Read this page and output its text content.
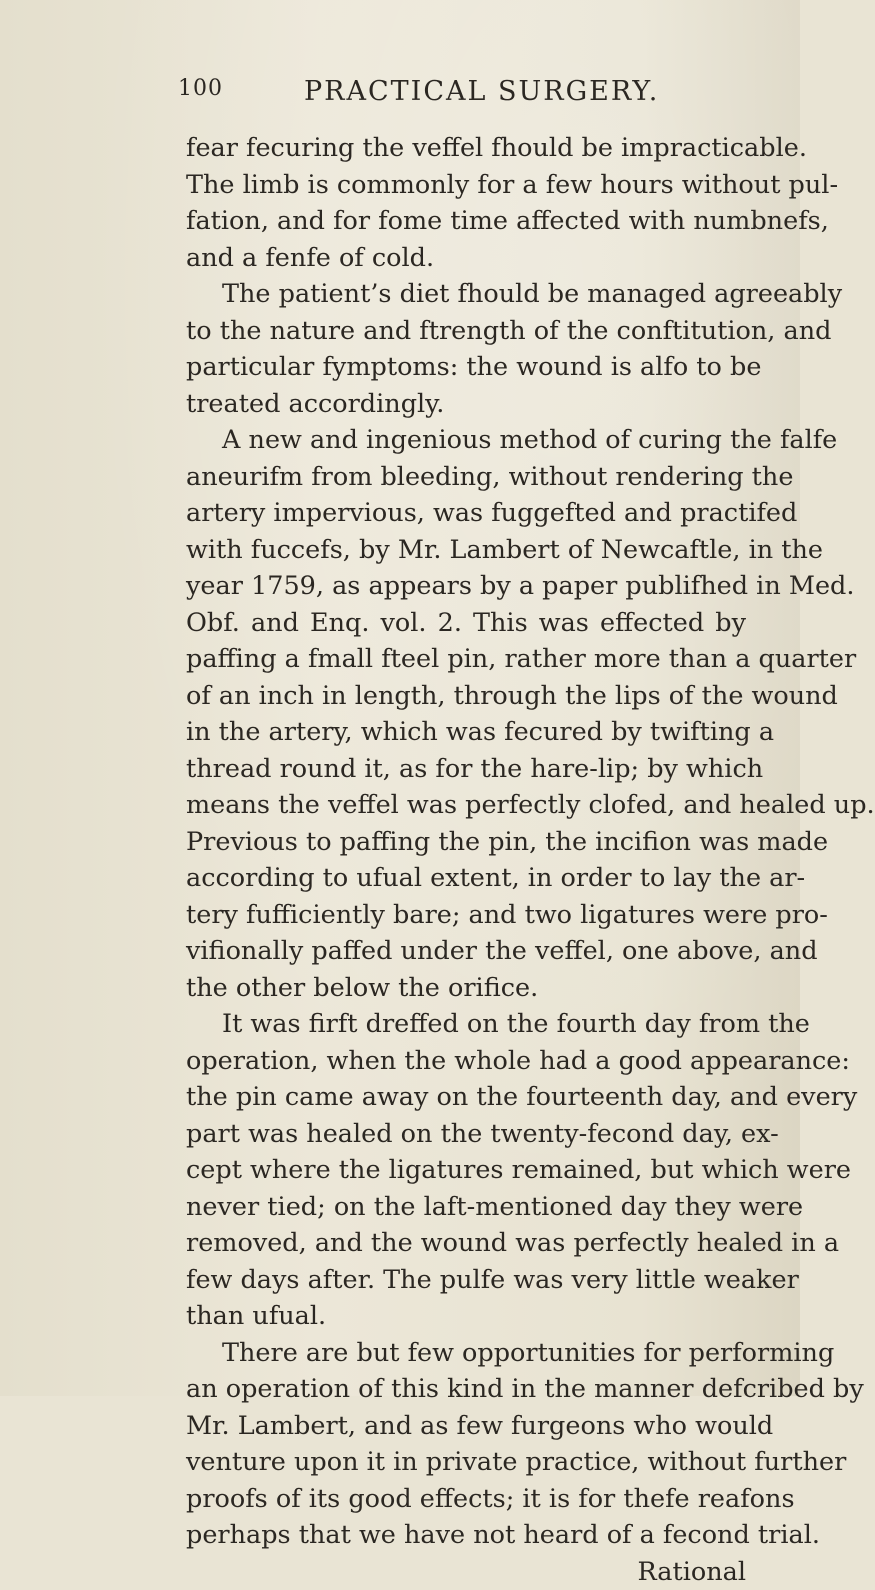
100	PRACTICAL SURGERY.
fear fecuring the veffel fhould be impracticable.
The limb is commonly for a few hours without pul-
fation, and for fome time affected with numbnefs,
and a fenfe of cold.
The patient’s diet fhould be managed agreeably
to the nature and ftrength of the conftitution, and
particular fymptoms: the wound is alfo to be
treated accordingly.
A new and ingenious method of curing the falfe
aneurifm from bleeding, without rendering the
artery impervious, was fuggefted and practifed
with fuccefs, by Mr. Lambert of Newcaftle, in the
year 1759, as appears by a paper publifhed in Med.
Obf. and Enq. vol. 2. This was effected by
paffing a fmall fteel pin, rather more than a quarter
of an inch in length, through the lips of the wound
in the artery, which was fecured by twifting a
thread round it, as for the hare-lip; by which
means the veffel was perfectly clofed, and healed up.
Previous to paffing the pin, the incifion was made
according to ufual extent, in order to lay the ar-
tery fufficiently bare; and two ligatures were pro-
vifionally paffed under the veffel, one above, and
the other below the orifice.
It was firft dreffed on the fourth day from the
operation, when the whole had a good appearance:
the pin came away on the fourteenth day, and every
part was healed on the twenty-fecond day, ex-
cept where the ligatures remained, but which were
never tied; on the laft-mentioned day they were
removed, and the wound was perfectly healed in a
few days after. The pulfe was very little weaker
than ufual.
There are but few opportunities for performing
an operation of this kind in the manner defcribed by
Mr. Lambert, and as few furgeons who would
venture upon it in private practice, without further
proofs of its good effects; it is for thefe reafons
perhaps that we have not heard of a fecond trial.
Rational
